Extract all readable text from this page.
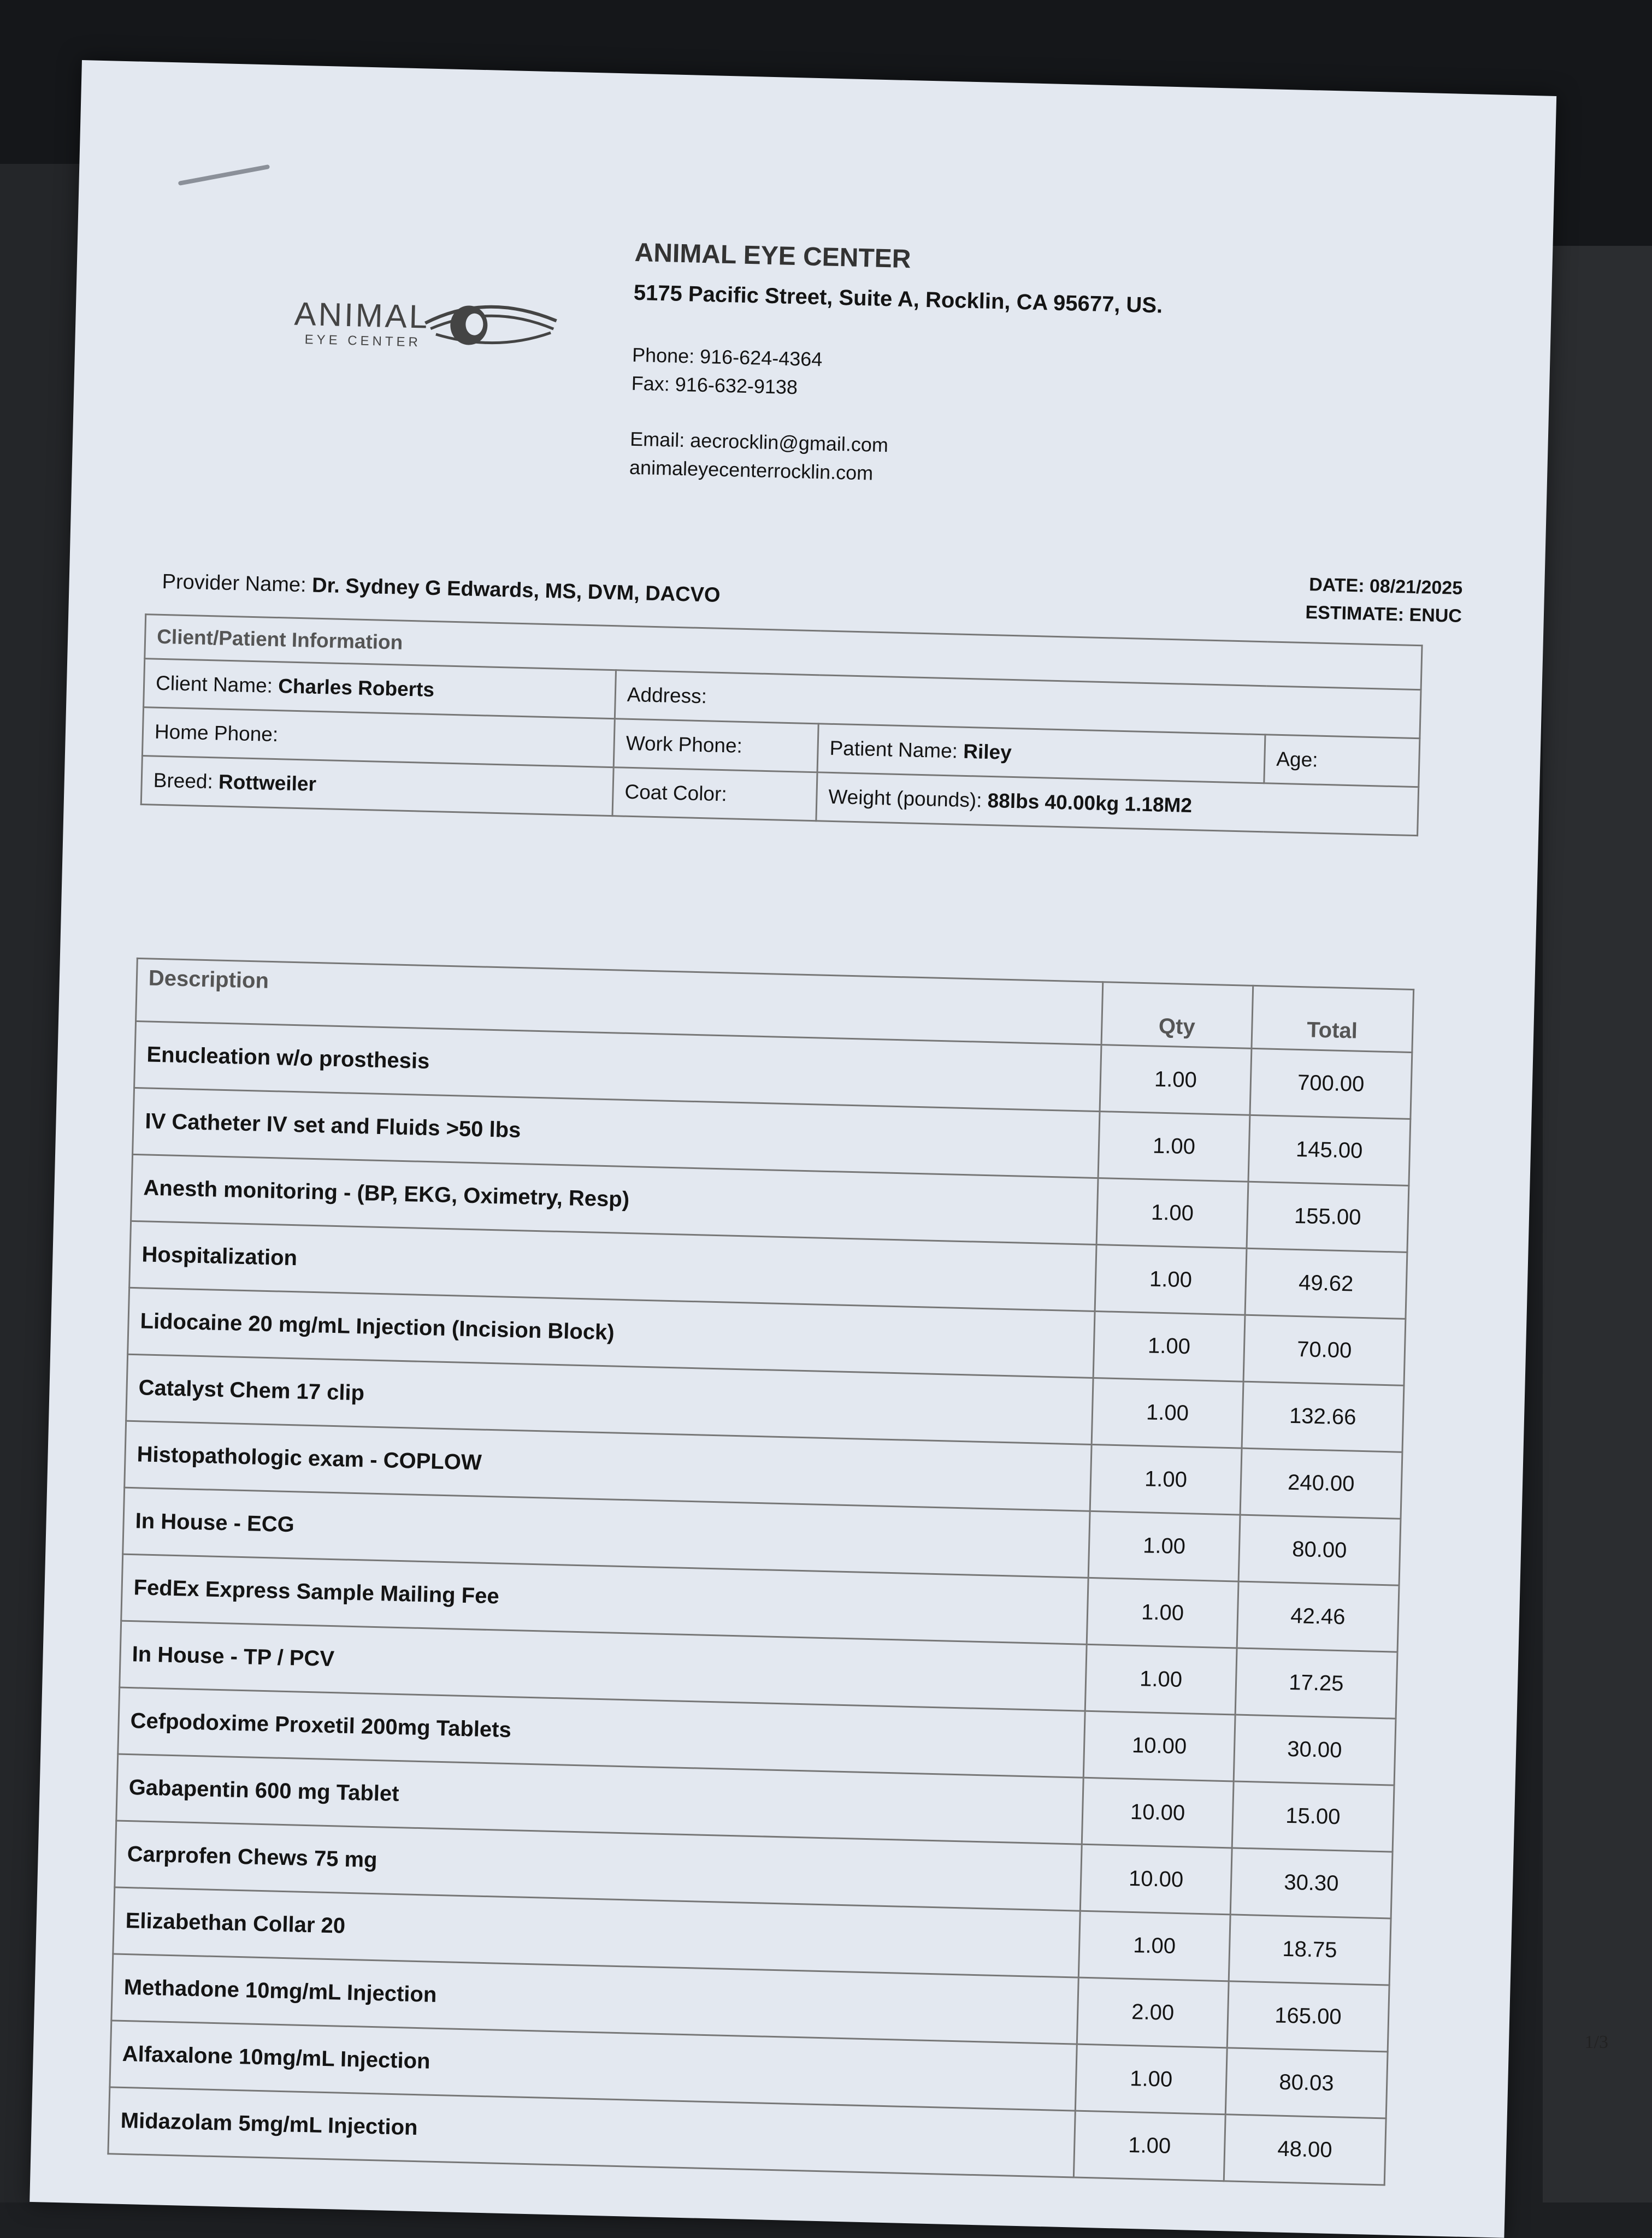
ANIMAL
EYE CENTER
ANIMAL EYE CENTER
5175 Pacific Street, Suite A, Rocklin, CA 95677, US.
Phone: 916-624-4364
Fax: 916-632-9138
Email: aecrocklin@gmail.com
animaleyecenterrocklin.com
DATE: 08/21/2025
ESTIMATE: ENUC
Provider Name: Dr. Sydney G Edwards, MS, DVM, DACVO
Client/Patient Information			
Client Name: Charles Roberts	Address:		
Home Phone:	Work Phone:	Patient Name: Riley	Age:
Breed: Rottweiler	Coat Color:	Weight (pounds): 88lbs 40.00kg 1.18M2	
Description	Qty	Total
Enucleation w/o prosthesis	1.00	700.00
IV Catheter IV set and Fluids >50 lbs	1.00	145.00
Anesth monitoring - (BP, EKG, Oximetry, Resp)	1.00	155.00
Hospitalization	1.00	49.62
Lidocaine 20 mg/mL Injection (Incision Block)	1.00	70.00
Catalyst Chem 17 clip	1.00	132.66
Histopathologic exam - COPLOW	1.00	240.00
In House - ECG	1.00	80.00
FedEx Express Sample Mailing Fee	1.00	42.46
In House - TP / PCV	1.00	17.25
Cefpodoxime Proxetil 200mg Tablets	10.00	30.00
Gabapentin 600 mg Tablet	10.00	15.00
Carprofen Chews 75 mg	10.00	30.30
Elizabethan Collar 20	1.00	18.75
Methadone 10mg/mL Injection	2.00	165.00
Alfaxalone 10mg/mL Injection	1.00	80.03
Midazolam 5mg/mL Injection	1.00	48.00
1/3
